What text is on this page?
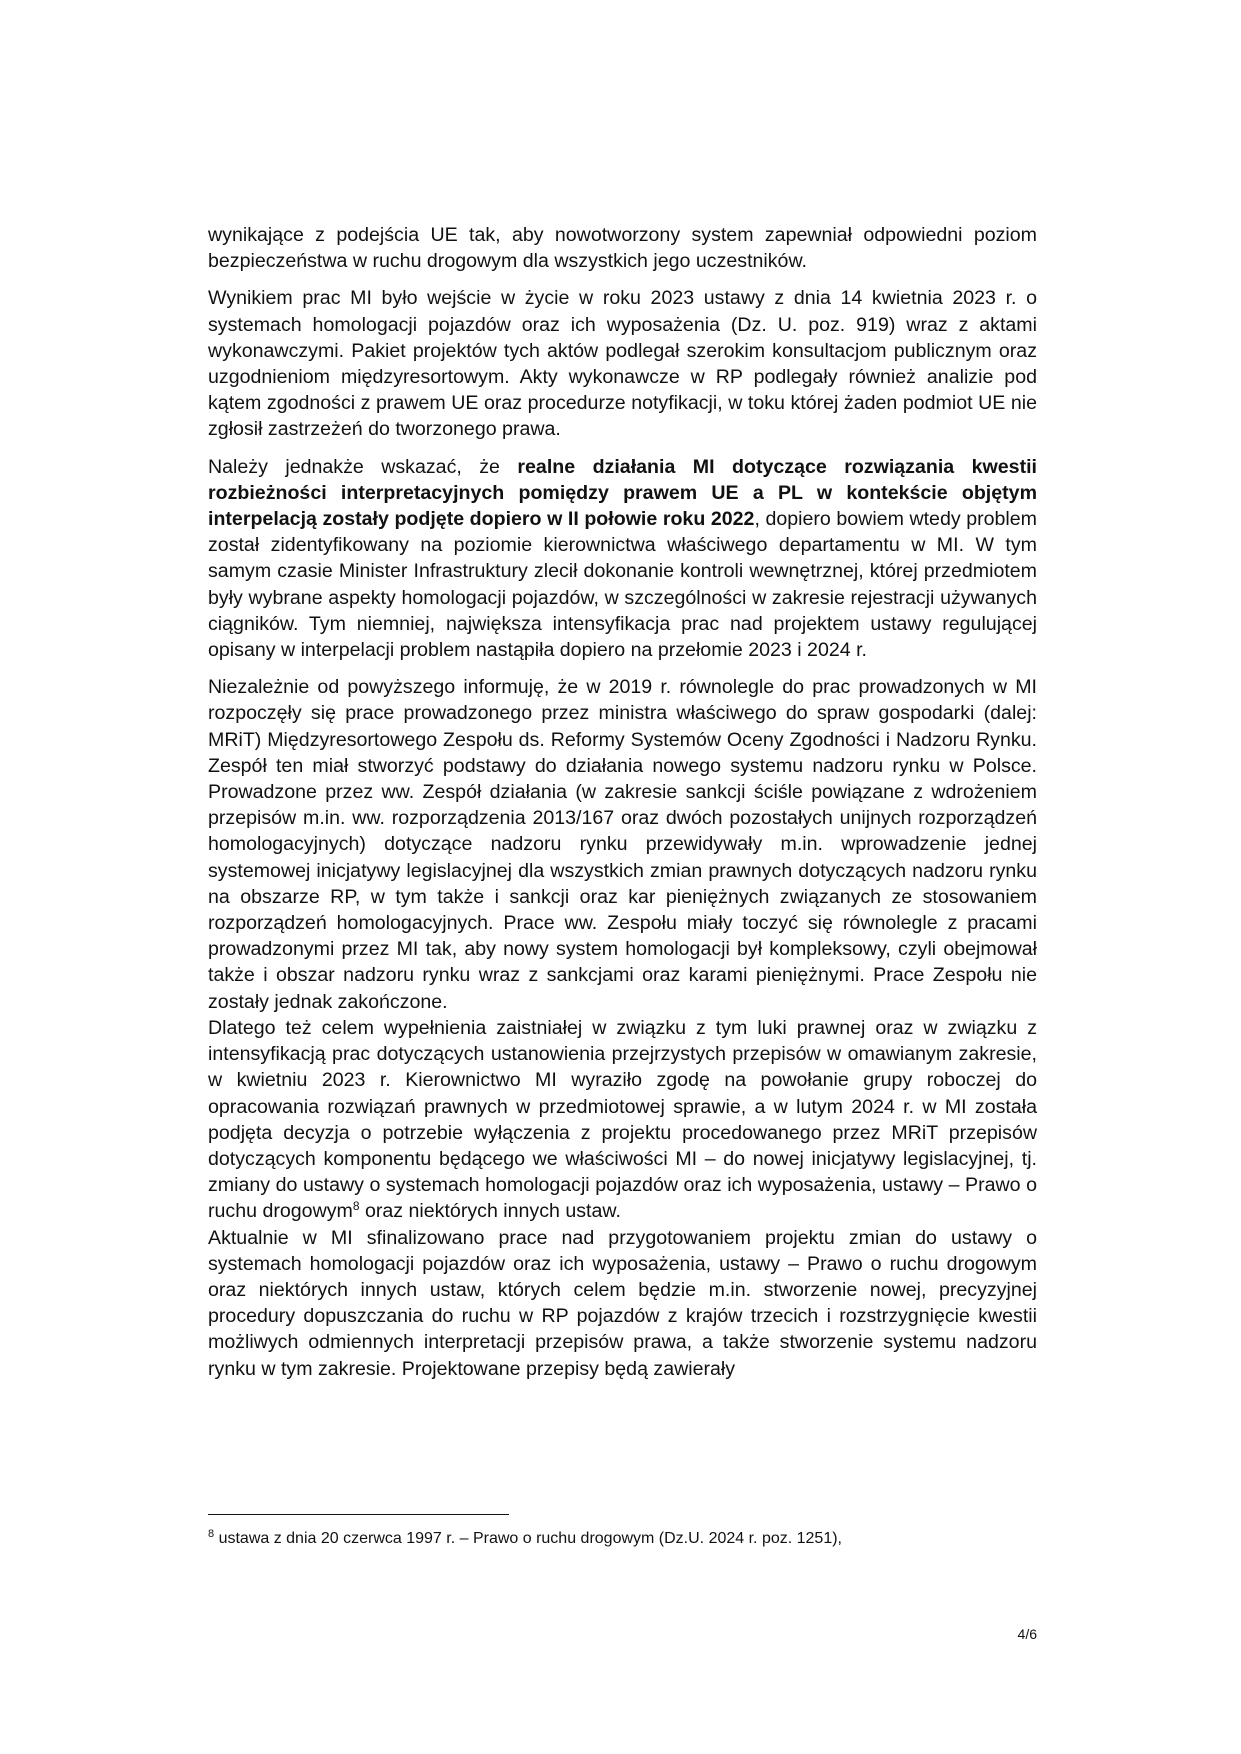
wynikające z podejścia UE tak, aby nowotworzony system zapewniał odpowiedni poziom bezpieczeństwa w ruchu drogowym dla wszystkich jego uczestników.

Wynikiem prac MI było wejście w życie w roku 2023 ustawy z dnia 14 kwietnia 2023 r. o systemach homologacji pojazdów oraz ich wyposażenia (Dz. U. poz. 919) wraz z aktami wykonawczymi. Pakiet projektów tych aktów podlegał szerokim konsultacjom publicznym oraz uzgodnieniom międzyresortowym. Akty wykonawcze w RP podlegały również analizie pod kątem zgodności z prawem UE oraz procedurze notyfikacji, w toku której żaden podmiot UE nie zgłosił zastrzeżeń do tworzonego prawa.

Należy jednakże wskazać, że realne działania MI dotyczące rozwiązania kwestii rozbieżności interpretacyjnych pomiędzy prawem UE a PL w kontekście objętym interpelacją zostały podjęte dopiero w II połowie roku 2022, dopiero bowiem wtedy problem został zidentyfikowany na poziomie kierownictwa właściwego departamentu w MI. W tym samym czasie Minister Infrastruktury zlecił dokonanie kontroli wewnętrznej, której przedmiotem były wybrane aspekty homologacji pojazdów, w szczególności w zakresie rejestracji używanych ciągników. Tym niemniej, największa intensyfikacja prac nad projektem ustawy regulującej opisany w interpelacji problem nastąpiła dopiero na przełomie 2023 i 2024 r.

Niezależnie od powyższego informuję, że w 2019 r. równolegle do prac prowadzonych w MI rozpoczęły się prace prowadzonego przez ministra właściwego do spraw gospodarki (dalej: MRiT) Międzyresortowego Zespołu ds. Reformy Systemów Oceny Zgodności i Nadzoru Rynku. Zespół ten miał stworzyć podstawy do działania nowego systemu nadzoru rynku w Polsce. Prowadzone przez ww. Zespół działania (w zakresie sankcji ściśle powiązane z wdrożeniem przepisów m.in. ww. rozporządzenia 2013/167 oraz dwóch pozostałych unijnych rozporządzeń homologacyjnych) dotyczące nadzoru rynku przewidywały m.in. wprowadzenie jednej systemowej inicjatywy legislacyjnej dla wszystkich zmian prawnych dotyczących nadzoru rynku na obszarze RP, w tym także i sankcji oraz kar pieniężnych związanych ze stosowaniem rozporządzeń homologacyjnych. Prace ww. Zespołu miały toczyć się równolegle z pracami prowadzonymi przez MI tak, aby nowy system homologacji był kompleksowy, czyli obejmował także i obszar nadzoru rynku wraz z sankcjami oraz karami pieniężnymi. Prace Zespołu nie zostały jednak zakończone.

Dlatego też celem wypełnienia zaistniałej w związku z tym luki prawnej oraz w związku z intensyfikacją prac dotyczących ustanowienia przejrzystych przepisów w omawianym zakresie, w kwietniu 2023 r. Kierownictwo MI wyraziło zgodę na powołanie grupy roboczej do opracowania rozwiązań prawnych w przedmiotowej sprawie, a w lutym 2024 r. w MI została podjęta decyzja o potrzebie wyłączenia z projektu procedowanego przez MRiT przepisów dotyczących komponentu będącego we właściwości MI – do nowej inicjatywy legislacyjnej, tj. zmiany do ustawy o systemach homologacji pojazdów oraz ich wyposażenia, ustawy – Prawo o ruchu drogowym$^8$ oraz niektórych innych ustaw.

Aktualnie w MI sfinalizowano prace nad przygotowaniem projektu zmian do ustawy o systemach homologacji pojazdów oraz ich wyposażenia, ustawy – Prawo o ruchu drogowym oraz niektórych innych ustaw, których celem będzie m.in. stworzenie nowej, precyzyjnej procedury dopuszczania do ruchu w RP pojazdów z krajów trzecich i rozstrzygnięcie kwestii możliwych odmiennych interpretacji przepisów prawa, a także stworzenie systemu nadzoru rynku w tym zakresie. Projektowane przepisy będą zawierały

$^8$ ustawa z dnia 20 czerwca 1997 r. – Prawo o ruchu drogowym (Dz.U. 2024 r. poz. 1251),
4/6
